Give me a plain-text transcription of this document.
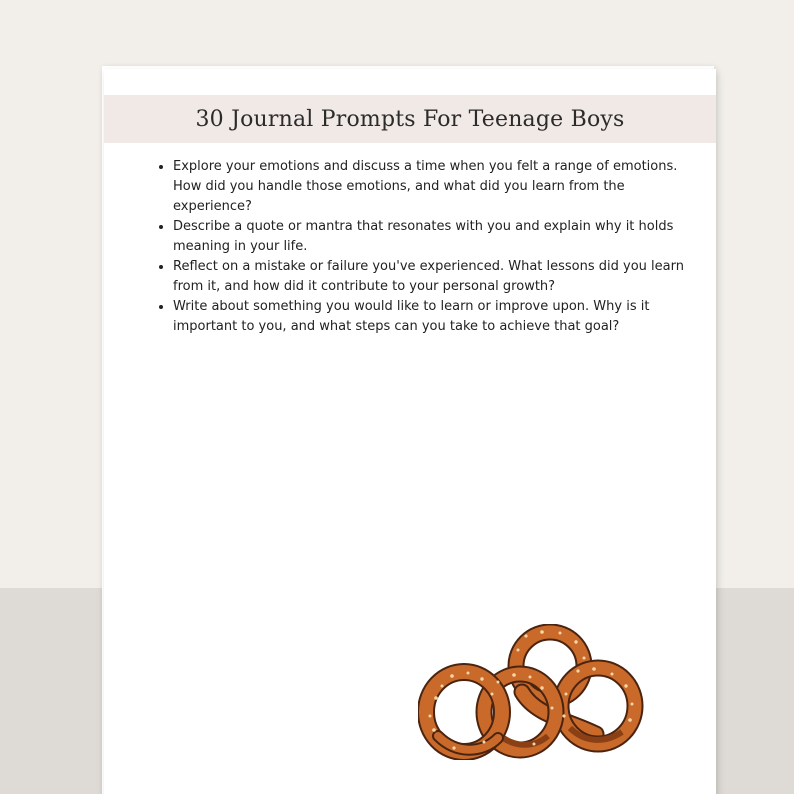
30 Journal Prompts For Teenage Boys
• Explore your emotions and discuss a time when you felt a range of emotions. How did you handle those emotions, and what did you learn from the experience?
• Describe a quote or mantra that resonates with you and explain why it holds meaning in your life.
• Reflect on a mistake or failure you've experienced. What lessons did you learn from it, and how did it contribute to your personal growth?
• Write about something you would like to learn or improve upon. Why is it important to you, and what steps can you take to achieve that goal?
